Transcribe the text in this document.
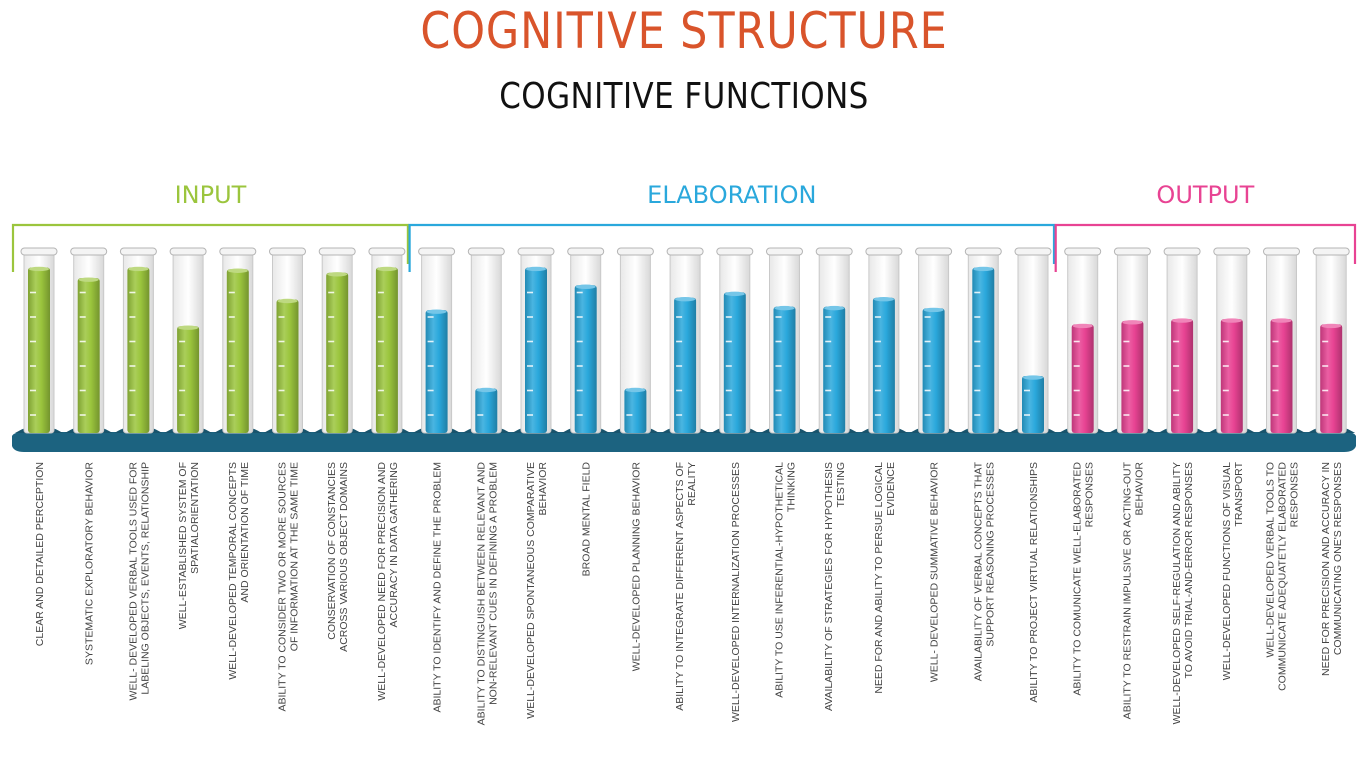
COGNITIVE STRUCTURE
COGNITIVE FUNCTIONS
CLEAR AND DETAILED PERCEPTION	SYSTEMATIC EXPLORATORY BEHAVIOR	WELL- DEVELOPED VERBAL TOOLS USED FORLABELING OBJECTS, EVENTS, RELATIONSHIP WELL-ESTABLISHED SYSTEM OFSPATIALORIENTATION WELL-DEVELOPED TEMPORAL CONCEPTSAND ORIENTATION OF TIME ABILITY TO CONSIDER TWO OR MORE SOURCESOF INFORMATION AT THE SAME TIME CONSERVATION OF CONSTANCIESACROSS VARIOUS OBJECT DOMAINS WELL-DEVELOPED NEED FOR PRECISION ANDACCURACY IN DATA GATHERING	ABILITY TO IDENTIFY AND DEFINE THE PROBLEM	ABILITY TO DISTINGUISH BETWEEN RELEVANT ANDNON-RELEVANT CUES IN DEFINING A PROBLEM WELL-DEVELOPED SPONTANEOUS COMPARATIVEBEHAVIOR	BROAD MENTAL FIELD	WELL-DEVELOPED PLANNING BEHAVIOR	ABILITY TO INTEGRATE DIFFERENT ASPECTS OFREALITY	WELL-DEVELOPED INTERNALIZATION PROCESSES	ABILITY TO USE INFERENTIAL-HYPOTHETICALTHINKING AVAILABILITY OF STRATEGIES FOR HYPOTHESISTESTING NEED FOR AND ABILITY TO PERSUE LOGICALEVIDENCE	WELL- DEVELOPED SUMMATIVE BEHAVIOR	AVAILABILITY OF VERBAL CONCEPTS THATSUPPORT REASONING PROCESSES	ABILITY TO PROJECT VIRTUAL RELATIONSHIPS	ABILITY TO COMUNICATE WELL-ELABORATEDRESPONSES ABILITY TO RESTRAIN IMPULSIVE OR ACTING-OUTBEHAVIOR WELL-DEVELOPED SELF-REGULATION AND ABILITYTO AVOID TRIAL-AND-ERROR RESPONSES WELL-DEVELOPED FUNCTIONS OF VISUALTRANSPORT WELL-DEVELOPED VERBAL TOOLS TOCOMMUNICATE ADEQUATETLY ELABORATEDRESPONSES NEED FOR PRECISION AND ACCURACY INCOMMUNICATING ONE'S RESPONSES
INPUT	ELABORATION	OUTPUT
